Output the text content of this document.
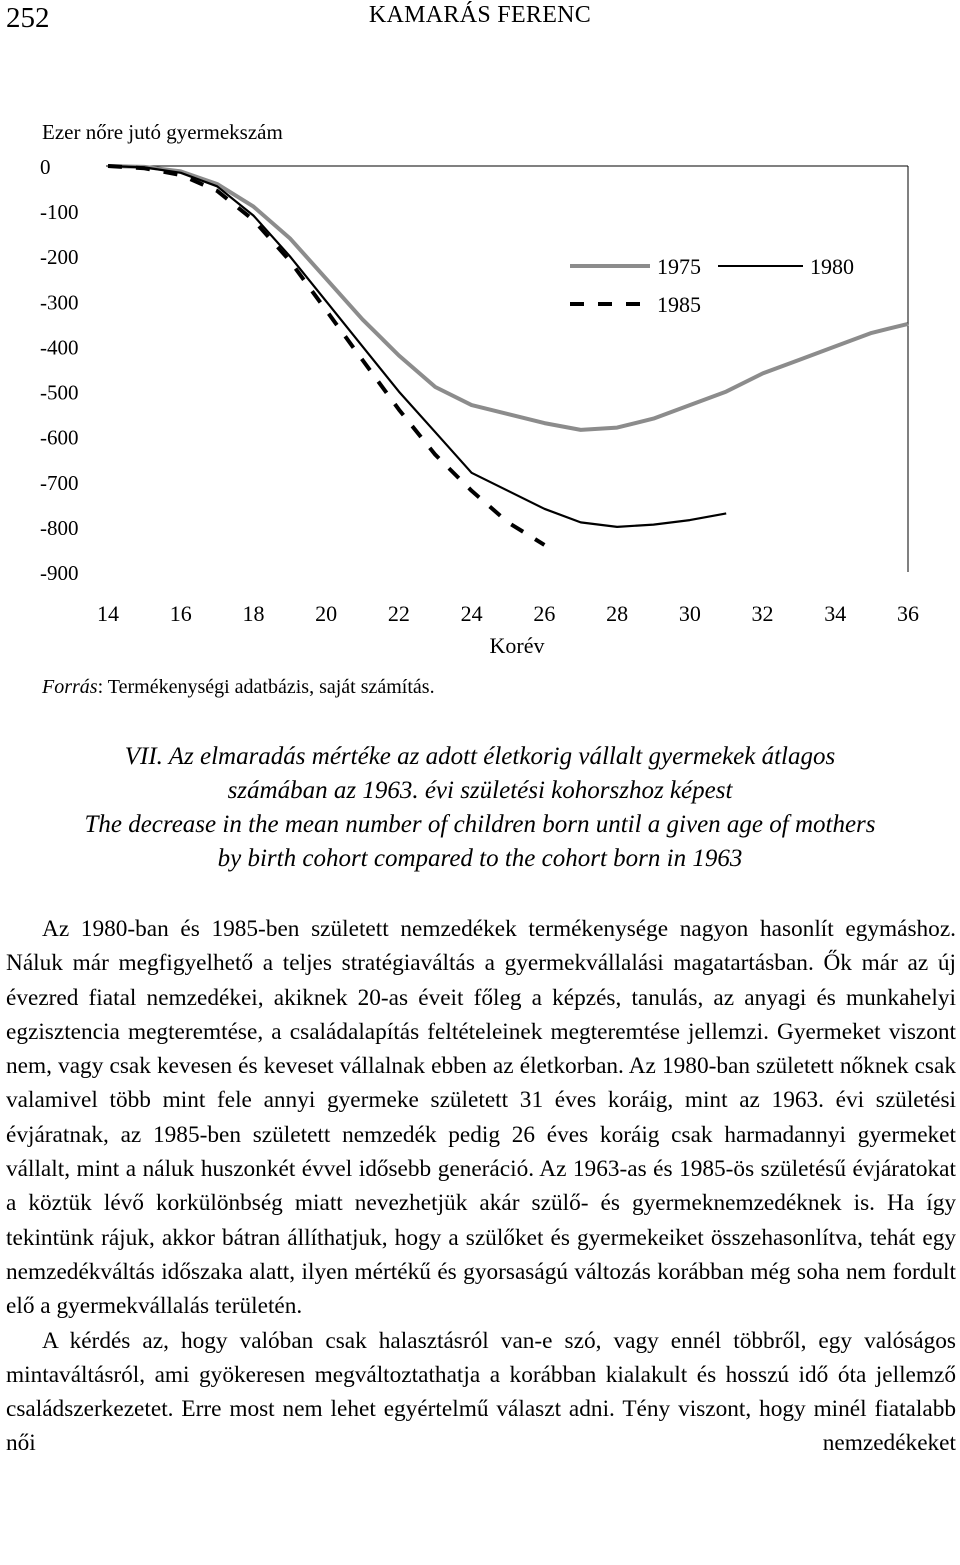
252	KAMARÁS FERENC
Ezer nőre jutó gyermekszám
0
-100
-200
-300
-400
-500
-600
-700
-800
-900
14 16 18 20 22 24 26 28 30 32 34 36
Korév
1975	1980
1985
Forrás: Termékenységi adatbázis, saját számítás.
VII. Az elmaradás mértéke az adott életkorig vállalt gyermekek átlagos
számában az 1963. évi születési kohorszhoz képest
The decrease in the mean number of children born until a given age of mothers
by birth cohort compared to the cohort born in 1963

Az 1980-ban és 1985-ben született nemzedékek termékenysége nagyon hasonlít egymáshoz. Náluk már megfigyelhető a teljes stratégiaváltás a gyermekvállalási magatartásban. Ők már az új évezred fiatal nemzedékei, akiknek 20-as éveit főleg a képzés, tanulás, az anyagi és munkahelyi egzisztencia megteremtése, a családalapítás feltételeinek megteremtése jellemzi. Gyermeket viszont nem, vagy csak kevesen és keveset vállalnak ebben az életkorban. Az 1980-ban született nőknek csak valamivel több mint fele annyi gyermeke született 31 éves koráig, mint az 1963. évi születési évjáratnak, az 1985-ben született nemzedék pedig 26 éves koráig csak harmadannyi gyermeket vállalt, mint a náluk huszonkét évvel idősebb generáció. Az 1963-as és 1985-ös születésű évjáratokat a köztük lévő korkülönbség miatt nevezhetjük akár szülő- és gyermeknemzedéknek is. Ha így tekintünk rájuk, akkor bátran állíthatjuk, hogy a szülőket és gyermekeiket összehasonlítva, tehát egy nemzedékváltás időszaka alatt, ilyen mértékű és gyorsaságú változás korábban még soha nem fordult elő a gyermekvállalás területén.

A kérdés az, hogy valóban csak halasztásról van-e szó, vagy ennél többről, egy valóságos mintaváltásról, ami gyökeresen megváltoztathatja a korábban kialakult és hosszú idő óta jellemző családszerkezetet. Erre most nem lehet egyértelmű választ adni. Tény viszont, hogy minél fiatalabb női nemzedékeket
